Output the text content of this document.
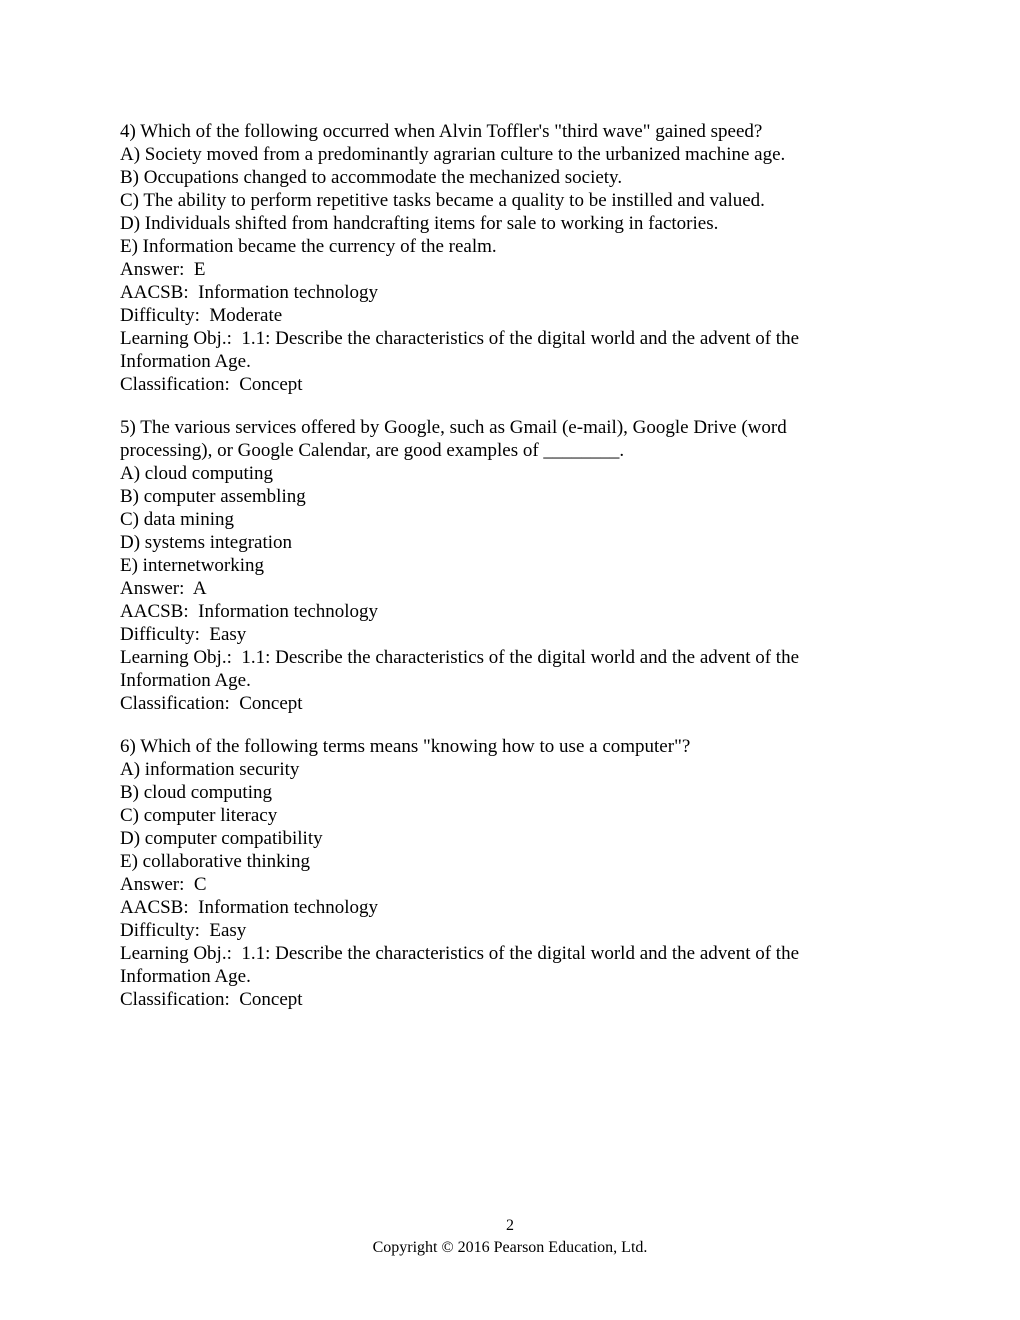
4) Which of the following occurred when Alvin Toffler's "third wave" gained speed?
A) Society moved from a predominantly agrarian culture to the urbanized machine age.
B) Occupations changed to accommodate the mechanized society.
C) The ability to perform repetitive tasks became a quality to be instilled and valued.
D) Individuals shifted from handcrafting items for sale to working in factories.
E) Information became the currency of the realm.
Answer:  E
AACSB:  Information technology
Difficulty:  Moderate
Learning Obj.:  1.1: Describe the characteristics of the digital world and the advent of the Information Age.
Classification:  Concept
5) The various services offered by Google, such as Gmail (e-mail), Google Drive (word processing), or Google Calendar, are good examples of ________.
A) cloud computing
B) computer assembling
C) data mining
D) systems integration
E) internetworking
Answer:  A
AACSB:  Information technology
Difficulty:  Easy
Learning Obj.:  1.1: Describe the characteristics of the digital world and the advent of the Information Age.
Classification:  Concept
6) Which of the following terms means "knowing how to use a computer"?
A) information security
B) cloud computing
C) computer literacy
D) computer compatibility
E) collaborative thinking
Answer:  C
AACSB:  Information technology
Difficulty:  Easy
Learning Obj.:  1.1: Describe the characteristics of the digital world and the advent of the Information Age.
Classification:  Concept
2
Copyright © 2016 Pearson Education, Ltd.
